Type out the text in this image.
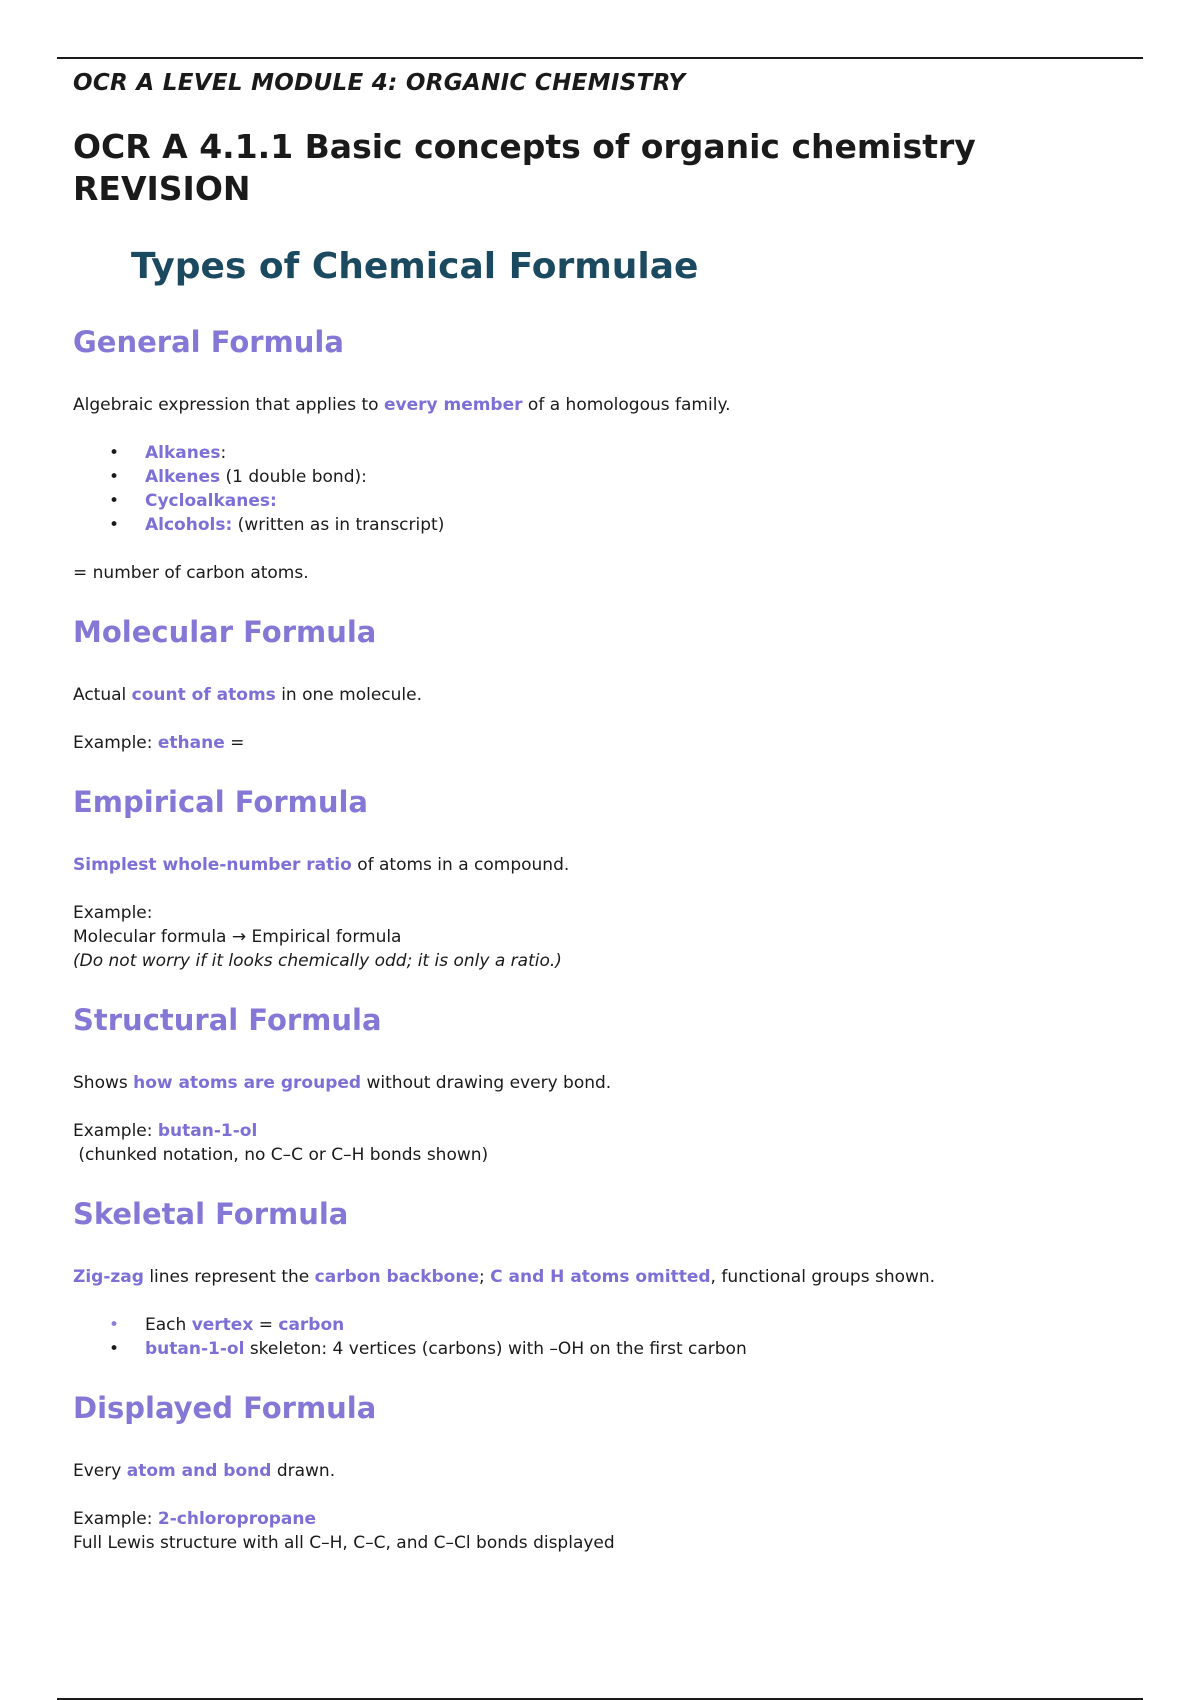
OCR A LEVEL MODULE 4: ORGANIC CHEMISTRY
OCR A 4.1.1 Basic concepts of organic chemistry
REVISION
Types of Chemical Formulae
General Formula

Algebraic expression that applies to every member of a homologous family.

• Alkanes:
• Alkenes (1 double bond):
• Cycloalkanes:
• Alcohols: (written as in transcript)

= number of carbon atoms.

Molecular Formula

Actual count of atoms in one molecule.

Example: ethane =

Empirical Formula

Simplest whole-number ratio of atoms in a compound.

Example:

Molecular formula → Empirical formula

(Do not worry if it looks chemically odd; it is only a ratio.)

Structural Formula

Shows how atoms are grouped without drawing every bond.

Example: butan-1-ol

(chunked notation, no C–C or C–H bonds shown)

Skeletal Formula

Zig-zag lines represent the carbon backbone; C and H atoms omitted, functional groups shown.

• Each vertex = carbon
• butan-1-ol skeleton: 4 vertices (carbons) with –OH on the first carbon
Displayed Formula

Every atom and bond drawn.

Example: 2-chloropropane

Full Lewis structure with all C–H, C–C, and C–Cl bonds displayed
